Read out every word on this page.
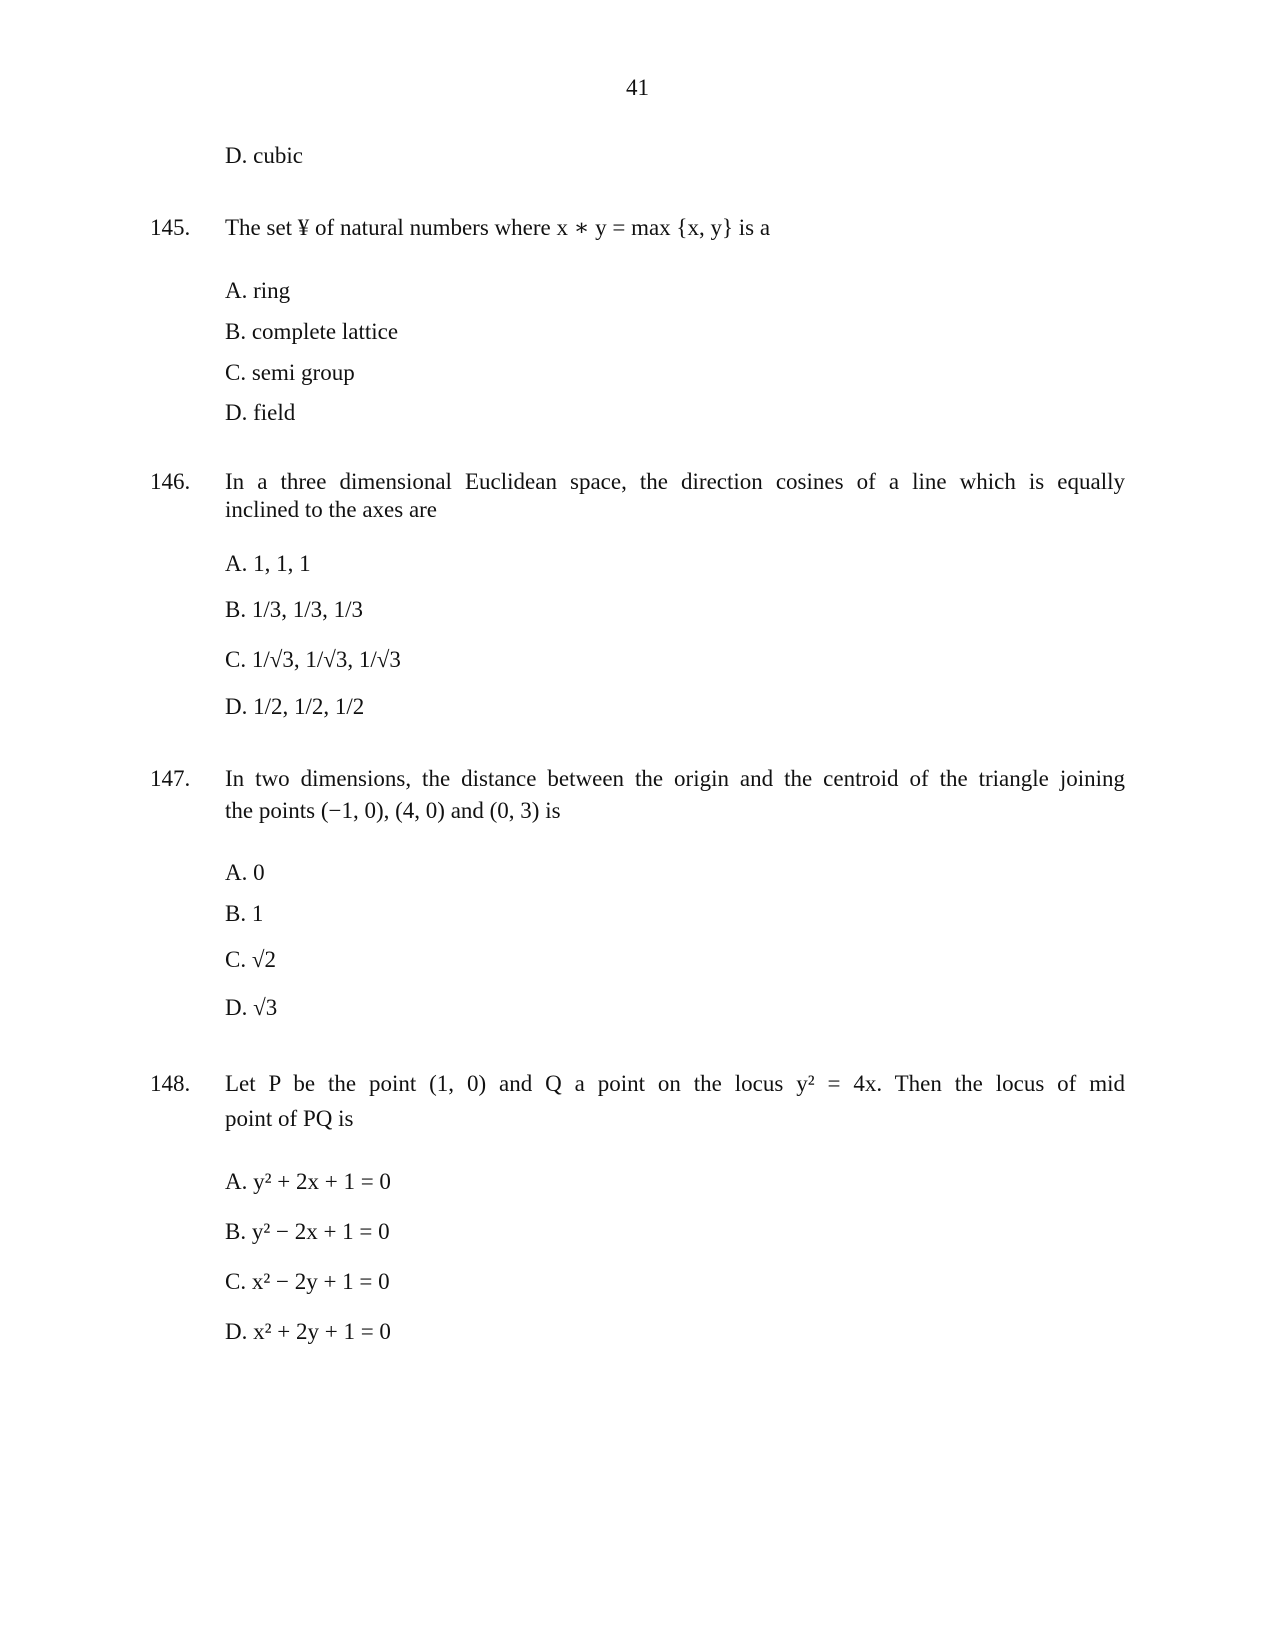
41
D. cubic
145. The set ¥ of natural numbers where x ∗ y = max {x, y} is a
A. ring
B. complete lattice
C. semi group
D. field
146. In a three dimensional Euclidean space, the direction cosines of a line which is equally
inclined to the axes are
A. 1, 1, 1
B. 1/3, 1/3, 1/3
C. 1/√3, 1/√3, 1/√3
D. 1/2, 1/2, 1/2
147. In two dimensions, the distance between the origin and the centroid of the triangle joining
the points (−1, 0), (4, 0) and (0, 3) is
A. 0
B. 1
C. √2
D. √3
148. Let P be the point (1, 0) and Q a point on the locus y² = 4x. Then the locus of mid
point of PQ is
A. y² + 2x + 1 = 0
B. y² − 2x + 1 = 0
C. x² − 2y + 1 = 0
D. x² + 2y + 1 = 0
